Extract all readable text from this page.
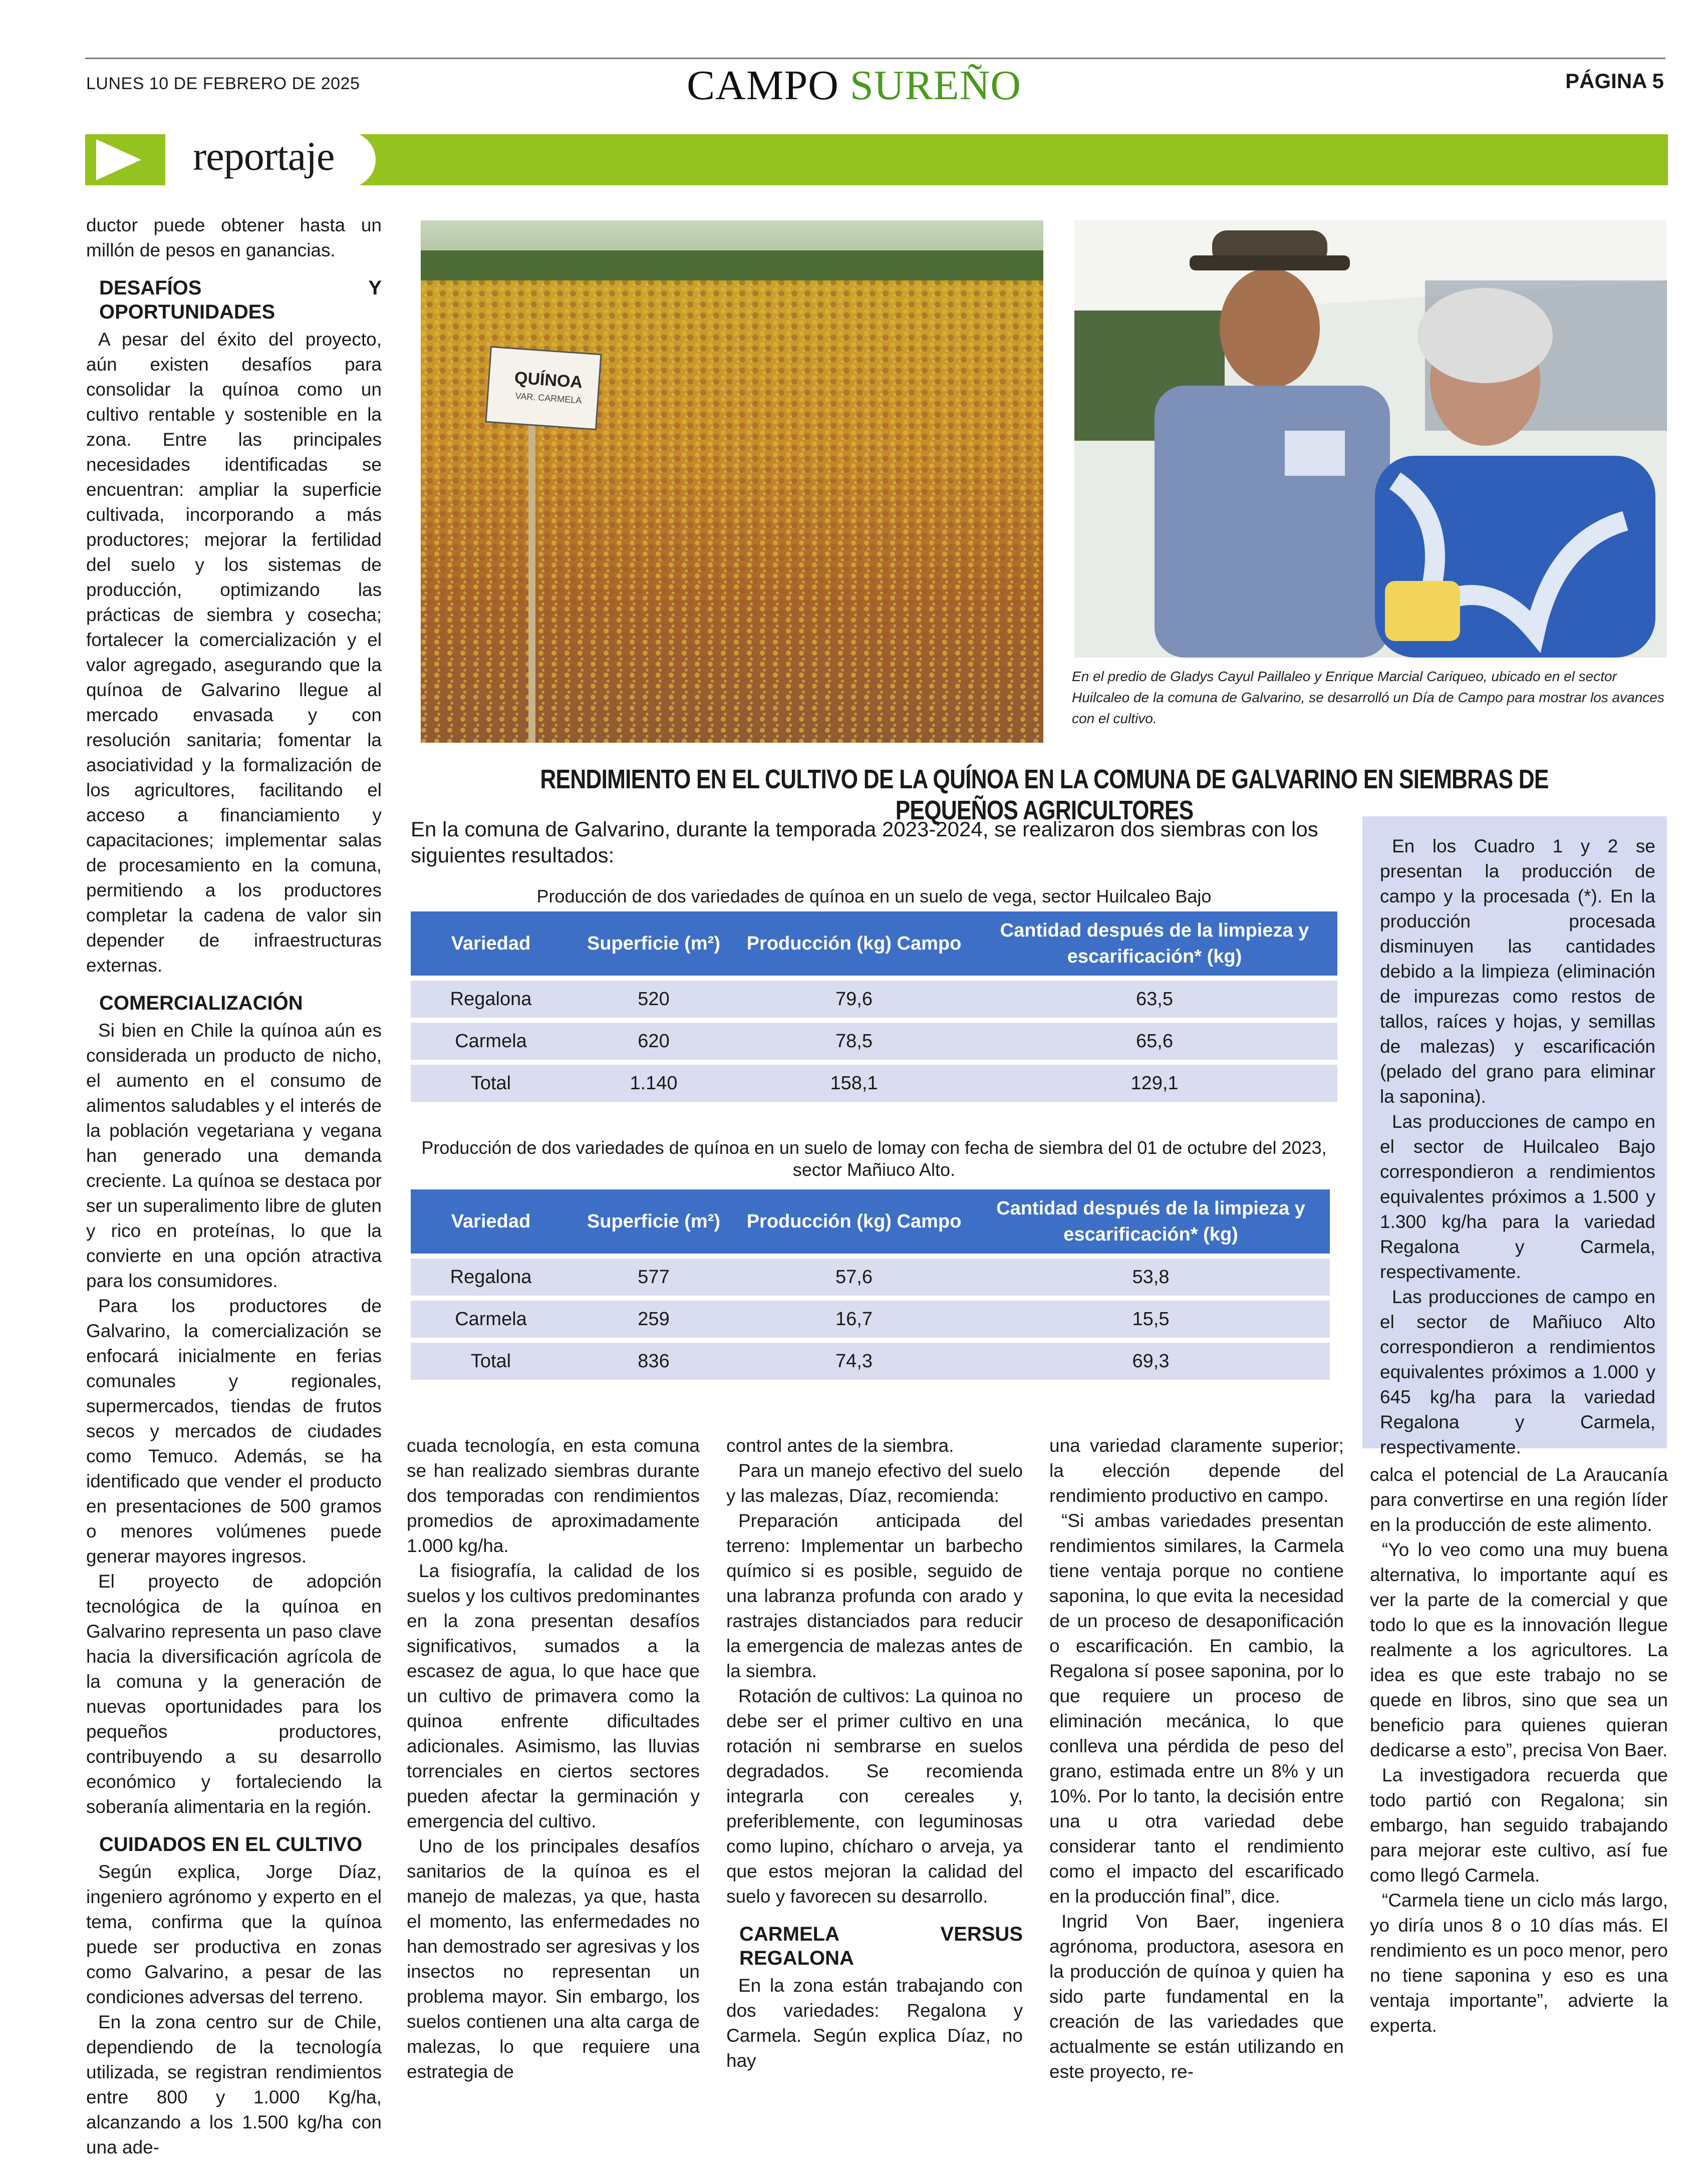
LUNES 10 DE FEBRERO DE 2025	CAMPO SUREÑO	PÁGINA 5
reportaje

ductor puede obtener hasta un millón de pesos en ganancias.

DESAFÍOS Y OPORTUNIDADES

A pesar del éxito del proyecto, aún existen desafíos para consolidar la quínoa como un cultivo rentable y sostenible en la zona. Entre las principales necesidades identificadas se encuentran: ampliar la superficie cultivada, incorporando a más productores; mejorar la fertilidad del suelo y los sistemas de producción, optimizando las prácticas de siembra y cosecha; fortalecer la comercialización y el valor agregado, asegurando que la quínoa de Galvarino llegue al mercado envasada y con resolución sanitaria; fomentar la asociatividad y la formalización de los agricultores, facilitando el acceso a financiamiento y capacitaciones; implementar salas de procesamiento en la comuna, permitiendo a los productores completar la cadena de valor sin depender de infraestructuras externas.

COMERCIALIZACIÓN

Si bien en Chile la quínoa aún es considerada un producto de nicho, el aumento en el consumo de alimentos saludables y el interés de la población vegetariana y vegana han generado una demanda creciente. La quínoa se destaca por ser un superalimento libre de gluten y rico en proteínas, lo que la convierte en una opción atractiva para los consumidores.

Para los productores de Galvarino, la comercialización se enfocará inicialmente en ferias comunales y regionales, supermercados, tiendas de frutos secos y mercados de ciudades como Temuco. Además, se ha identificado que vender el producto en presentaciones de 500 gramos o menores volúmenes puede generar mayores ingresos.

El proyecto de adopción tecnológica de la quínoa en Galvarino representa un paso clave hacia la diversificación agrícola de la comuna y la generación de nuevas oportunidades para los pequeños productores, contribuyendo a su desarrollo económico y fortaleciendo la soberanía alimentaria en la región.

CUIDADOS EN EL CULTIVO

Según explica, Jorge Díaz, ingeniero agrónomo y experto en el tema, confirma que la quínoa puede ser productiva en zonas como Galvarino, a pesar de las condiciones adversas del terreno.

En la zona centro sur de Chile, dependiendo de la tecnología utilizada, se registran rendimientos entre 800 y 1.000 Kg/ha, alcanzando a los 1.500 kg/ha con una ade-

QUÍNOA
VAR. CARMELA
En el predio de Gladys Cayul Paillaleo y Enrique Marcial Cariqueo, ubicado en el sector Huilcaleo de la comuna de Galvarino, se desarrolló un Día de Campo para mostrar los avances con el cultivo.
RENDIMIENTO EN EL CULTIVO DE LA QUÍNOA EN LA COMUNA DE GALVARINO EN SIEMBRAS DE PEQUEÑOS AGRICULTORES
En la comuna de Galvarino, durante la temporada 2023-2024, se realizaron dos siembras con los siguientes resultados:
Producción de dos variedades de quínoa en un suelo de vega, sector Huilcaleo Bajo
Variedad	Superficie (m²)	Producción (kg) Campo	Cantidad después de la limpieza y escarificación* (kg)
Regalona	520	79,6	63,5
Carmela	620	78,5	65,6
Total	1.140	158,1	129,1
Producción de dos variedades de quínoa en un suelo de lomay con fecha de siembra del 01 de octubre del 2023, sector Mañiuco Alto.
Variedad	Superficie (m²)	Producción (kg) Campo	Cantidad después de la limpieza y escarificación* (kg)
Regalona	577	57,6	53,8
Carmela	259	16,7	15,5
Total	836	74,3	69,3

En los Cuadro 1 y 2 se presentan la producción de campo y la procesada (*). En la producción procesada disminuyen las cantidades debido a la limpieza (eliminación de impurezas como restos de tallos, raíces y hojas, y semillas de malezas) y escarificación (pelado del grano para eliminar la saponina).

Las producciones de campo en el sector de Huilcaleo Bajo correspondieron a rendimientos equivalentes próximos a 1.500 y 1.300 kg/ha para la variedad Regalona y Carmela, respectivamente.

Las producciones de campo en el sector de Mañiuco Alto correspondieron a rendimientos equivalentes próximos a 1.000 y 645 kg/ha para la variedad Regalona y Carmela, respectivamente.

cuada tecnología, en esta comuna se han realizado siembras durante dos temporadas con rendimientos promedios de aproximadamente 1.000 kg/ha.

La fisiografía, la calidad de los suelos y los cultivos predominantes en la zona presentan desafíos significativos, sumados a la escasez de agua, lo que hace que un cultivo de primavera como la quinoa enfrente dificultades adicionales. Asimismo, las lluvias torrenciales en ciertos sectores pueden afectar la germinación y emergencia del cultivo.

Uno de los principales desafíos sanitarios de la quínoa es el manejo de malezas, ya que, hasta el momento, las enfermedades no han demostrado ser agresivas y los insectos no representan un problema mayor. Sin embargo, los suelos contienen una alta carga de malezas, lo que requiere una estrategia de

control antes de la siembra.

Para un manejo efectivo del suelo y las malezas, Díaz, recomienda:

Preparación anticipada del terreno: Implementar un barbecho químico si es posible, seguido de una labranza profunda con arado y rastrajes distanciados para reducir la emergencia de malezas antes de la siembra.

Rotación de cultivos: La quinoa no debe ser el primer cultivo en una rotación ni sembrarse en suelos degradados. Se recomienda integrarla con cereales y, preferiblemente, con leguminosas como lupino, chícharo o arveja, ya que estos mejoran la calidad del suelo y favorecen su desarrollo.

CARMELA VERSUS REGALONA

En la zona están trabajando con dos variedades: Regalona y Carmela. Según explica Díaz, no hay

una variedad claramente superior; la elección depende del rendimiento productivo en campo.

“Si ambas variedades presentan rendimientos similares, la Carmela tiene ventaja porque no contiene saponina, lo que evita la necesidad de un proceso de desaponificación o escarificación. En cambio, la Regalona sí posee saponina, por lo que requiere un proceso de eliminación mecánica, lo que conlleva una pérdida de peso del grano, estimada entre un 8% y un 10%. Por lo tanto, la decisión entre una u otra variedad debe considerar tanto el rendimiento como el impacto del escarificado en la producción final”, dice.

Ingrid Von Baer, ingeniera agrónoma, productora, asesora en la producción de quínoa y quien ha sido parte fundamental en la creación de las variedades que actualmente se están utilizando en este proyecto, re-

calca el potencial de La Araucanía para convertirse en una región líder en la producción de este alimento.

“Yo lo veo como una muy buena alternativa, lo importante aquí es ver la parte de la comercial y que todo lo que es la innovación llegue realmente a los agricultores. La idea es que este trabajo no se quede en libros, sino que sea un beneficio para quienes quieran dedicarse a esto”, precisa Von Baer.

La investigadora recuerda que todo partió con Regalona; sin embargo, han seguido trabajando para mejorar este cultivo, así fue como llegó Carmela.

“Carmela tiene un ciclo más largo, yo diría unos 8 o 10 días más. El rendimiento es un poco menor, pero no tiene saponina y eso es una ventaja importante”, advierte la experta.
